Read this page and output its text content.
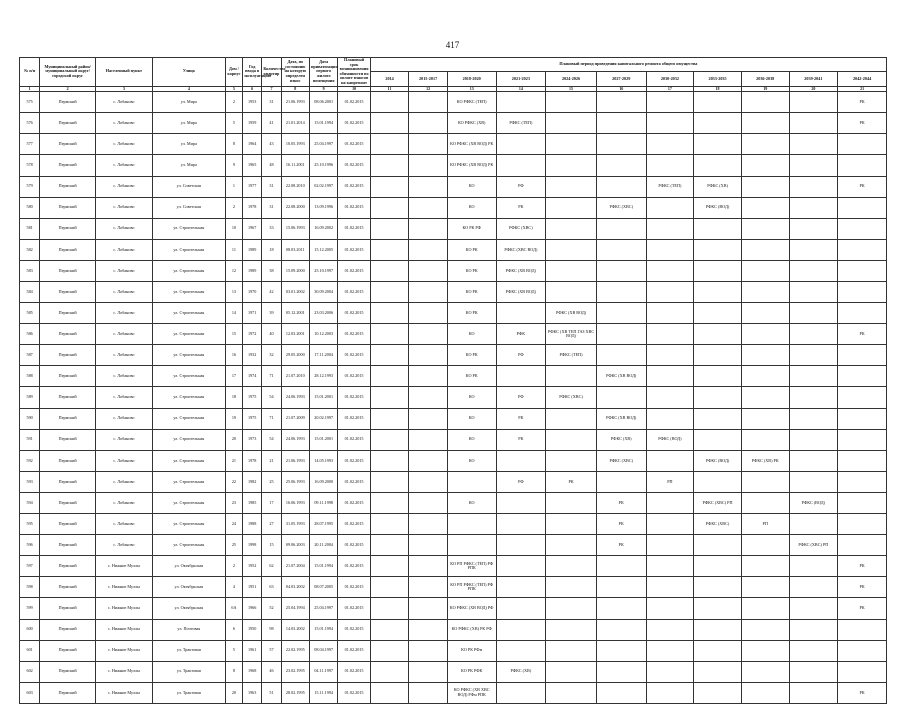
417
№ п/п	Муниципальный район/ муниципальный округ/ городской округ	Населенный пункт	Улица	Дом / корпус	Год ввода в эксплуатацию	Количество квартир	Дата, по состоянию на которую определен износ	Дата приватизации первого жилого помещения	Плановый срок возникновения обязанности по оплате взносов на капремонт	Плановый период проведения капитального ремонта общего имущества										
										2014	2015-2017	2018-2020	2021-2023	2024-2026	2027-2029	2030-2032	2033-2035	2036-2038	2039-2041	2042-2044
1	2	3	4	5	6	7	8	9	10	11	12	13	14	15	16	17	18	19	20	21
575	Пермский	с. Лобаново	ул. Мира	2	1953	31	21.06.1993	08.06.2001	01.02.2015			КО РФКС (ТЕП)								РК
576	Пермский	с. Лобаново	ул. Мира	5	1959	41	21.01.2014	15.01.1994	01.02.2015			КО РФКС (ХВ)	РФКС (ТЕП)							РК
577	Пермский	с. Лобаново	ул. Мира	8	1964	43	10.05.1993	25.04.1997	01.02.2015			КО РФКС (ХВ ВОД) РК								
578	Пермский	с. Лобаново	ул. Мира	9	1965	48	16.11.2001	25.10.1996	01.02.2015			КО РФКС (ХВ ВОД) РК								
579	Пермский	с. Лобаново	ул. Советская	1	1977	31	22.08.2010	02.02.1997	01.02.2015			КО	РФ			РФКС (ТЕП)	РФКС (ХВ)			РК
580	Пермский	с. Лобаново	ул. Советская	2	1978	31	22.08.2000	13.09.1996	01.02.2015			КО	РК		РФКС (ХВС)		РФКС (ВОД)			
581	Пермский	с. Лобаново	ул. Строительная	10	1967	33	15.06.1993	16.09.2002	01.02.2015			КО РК РФ	РФКС (ХВС)							
582	Пермский	с. Лобаново	ул. Строительная	11	1989	18	08.03.2011	15.12.2005	01.02.2015			КО РК	РФКС (ХВС ВОД)							
583	Пермский	с. Лобаново	ул. Строительная	12	1989	38	15.09.2000	25.10.1997	01.02.2015			КО РК	РФКС (ХВ ВОД)							
584	Пермский	с. Лобаново	ул. Строительная	13	1970	42	03.01.2002	30.09.2004	01.02.2015			КО РК	РФКС (ХВ ВОД)							
585	Пермский	с. Лобаново	ул. Строительная	14	1971	39	05.12.2001	23.03.2006	01.02.2015			КО РК		РФКС (ХВ ВОД)						
586	Пермский	с. Лобаново	ул. Строительная	15	1972	40	12.03.2001	10.12.2003	01.02.2015			КО	РФК	РФКС (ХВ ТЕП ГАЗ ХВС ВОД)						РК
587	Пермский	с. Лобаново	ул. Строительная	16	1932	32	29.05.2000	17.11.2004	01.02.2015			КО РК	РФ	РФКС (ТЕП)						
588	Пермский	с. Лобаново	ул. Строительная	17	1974	71	21.07.2010	28.12.1993	01.02.2015			КО РК			РФКС (ХВ ВОД)					
589	Пермский	с. Лобаново	ул. Строительная	18	1975	54	24.06.1993	15.01.2001	01.02.2015			КО	РФ	РФКС (ХВС)						
590	Пермский	с. Лобаново	ул. Строительная	19	1975	71	21.07.2009	20.02.1997	01.02.2015			КО	РК		РФКС (ХВ ВОД)					
591	Пермский	с. Лобаново	ул. Строительная	20	1973	54	24.06.1993	15.01.2001	01.02.2015			КО	РК		РФКС (ХВ)	РФКС (ВОД)				
592	Пермский	с. Лобаново	ул. Строительная	21	1978	21	21.06.1993	14.05.1993	01.02.2015			КО			РФКС (ХВС)		РФКС (ВОД)	РФКС (ХВ) РК		
593	Пермский	с. Лобаново	ул. Строительная	22	1982	25	25.06.1993	16.09.2000	01.02.2015				РФ	РК		РП				
594	Пермский	с. Лобаново	ул. Строительная	23	1985	17	16.06.1993	09.11.1998	01.02.2015			КО			РК		РФКС (ХВС) РП		РФКС (ВОД)	
595	Пермский	с. Лобаново	ул. Строительная	24	1988	27	31.05.1993	28.07.1995	01.02.2015						РК		РФКС (ХВС)	РП		
596	Пермский	с. Лобаново	ул. Строительная	25	1998	15	09.06.2003	20.11.2004	01.02.2015						РК				РФКС (ХВС) РП	
597	Пермский	с. Нижние Муллы	ул. Октябрьская	2	1952	62	21.07.2004	15.01.1994	01.02.2015			КО РП РФКС (ТЕП) РФ РПК								РК
598	Пермский	с. Нижние Муллы	ул. Октябрьская	4	1951	63	04.03.2002	08.07.2005	01.02.2015			КО РП РФКС (ТЕП) РФ РПК								РК
599	Пермский	с. Нижние Муллы	ул. Октябрьская	6А	1966	52	25.04.1994	25.04.1997	01.02.2015			КО РФКС (ХВ ВОД) РФ								РК
600	Пермский	с. Нижние Муллы	ул. Почтовая	6	1950	98	14.03.2002	15.01.1994	01.02.2015			КО РФКС (ХВ) РК РФ								
601	Пермский	с. Нижние Муллы	ул. Трактовая	5	1961	57	22.02.1995	08.04.1997	01.02.2015			КО РК РФм								
602	Пермский	с. Нижние Муллы	ул. Трактовая	8	1968	46	23.02.1995	04.11.1997	01.02.2015			КО РК РФК	РФКС (ХВ)							
603	Пермский	с. Нижние Муллы	ул. Трактовая	20	1963	51	28.02.1995	15.11.1994	01.02.2015			КО РФКС (ХВ ХВС ВОД) РФм РПК								РК
